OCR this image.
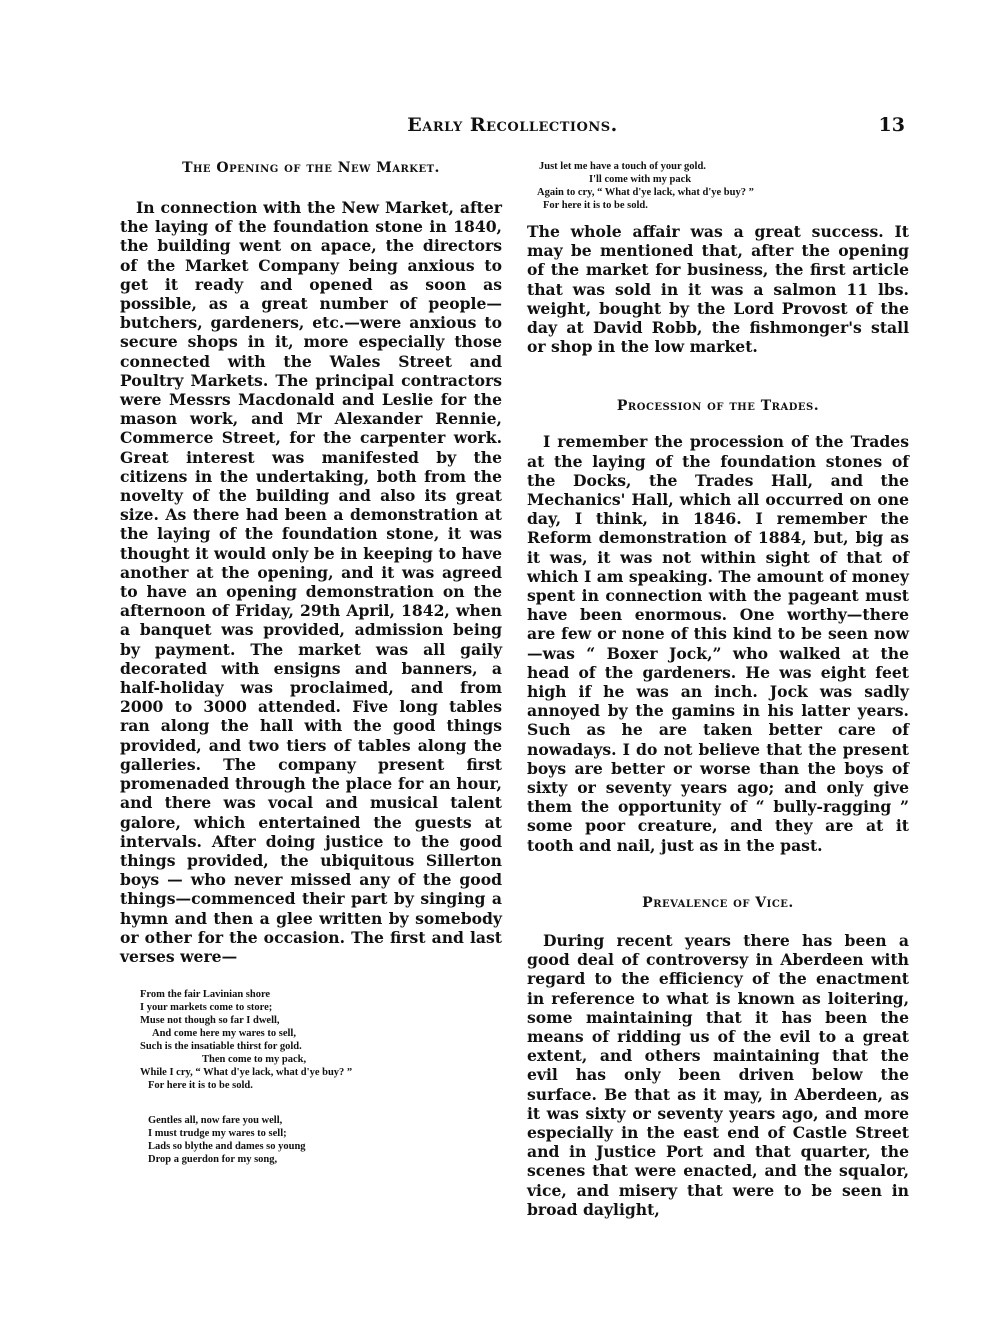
Early Recollections.	13
The Opening of the New Market.

In connection with the New Market, after the laying of the foundation stone in 1840, the building went on apace, the directors of the Market Company being anxious to get it ready and opened as soon as possible, as a great number of people—butchers, gardeners, etc.—were anxious to secure shops in it, more especially those connected with the Wales Street and Poultry Markets. The principal contractors were Messrs Macdonald and Leslie for the mason work, and Mr Alexander Rennie, Commerce Street, for the carpenter work. Great interest was manifested by the citizens in the undertaking, both from the novelty of the building and also its great size. As there had been a demonstration at the laying of the foundation stone, it was thought it would only be in keeping to have another at the opening, and it was agreed to have an opening demonstration on the afternoon of Friday, 29th April, 1842, when a banquet was provided, admission being by payment. The market was all gaily decorated with ensigns and banners, a half-holiday was proclaimed, and from 2000 to 3000 attended. Five long tables ran along the hall with the good things provided, and two tiers of tables along the galleries. The company present first promenaded through the place for an hour, and there was vocal and musical talent galore, which entertained the guests at intervals. After doing justice to the good things provided, the ubiquitous Sillerton boys — who never missed any of the good things—commenced their part by singing a hymn and then a glee written by somebody or other for the occasion. The first and last verses were—

From the fair Lavinian shore
I your markets come to store;
Muse not though so far I dwell,
And come here my wares to sell,
Such is the insatiable thirst for gold.
Then come to my pack,
While I cry, “ What d'ye lack, what d'ye buy? ”
For here it is to be sold.
Gentles all, now fare you well,
I must trudge my wares to sell;
Lads so blythe and dames so young
Drop a guerdon for my song,
Just let me have a touch of your gold.
I'll come with my pack
Again to cry, “ What d'ye lack, what d'ye buy? ”
For here it is to be sold.

The whole affair was a great success. It may be mentioned that, after the opening of the market for business, the first article that was sold in it was a salmon 11 lbs. weight, bought by the Lord Provost of the day at David Robb, the fishmonger's stall or shop in the low market.

Procession of the Trades.

I remember the procession of the Trades at the laying of the foundation stones of the Docks, the Trades Hall, and the Mechanics' Hall, which all occurred on one day, I think, in 1846. I remember the Reform demonstration of 1884, but, big as it was, it was not within sight of that of which I am speaking. The amount of money spent in connection with the pageant must have been enormous. One worthy—there are few or none of this kind to be seen now—was “ Boxer Jock,” who walked at the head of the gardeners. He was eight feet high if he was an inch. Jock was sadly annoyed by the gamins in his latter years. Such as he are taken better care of nowadays. I do not believe that the present boys are better or worse than the boys of sixty or seventy years ago; and only give them the opportunity of “ bully-ragging ” some poor creature, and they are at it tooth and nail, just as in the past.

Prevalence of Vice.

During recent years there has been a good deal of controversy in Aberdeen with regard to the efficiency of the enactment in reference to what is known as loitering, some maintaining that it has been the means of ridding us of the evil to a great extent, and others maintaining that the evil has only been driven below the surface. Be that as it may, in Aberdeen, as it was sixty or seventy years ago, and more especially in the east end of Castle Street and in Justice Port and that quarter, the scenes that were enacted, and the squalor, vice, and misery that were to be seen in broad daylight,
